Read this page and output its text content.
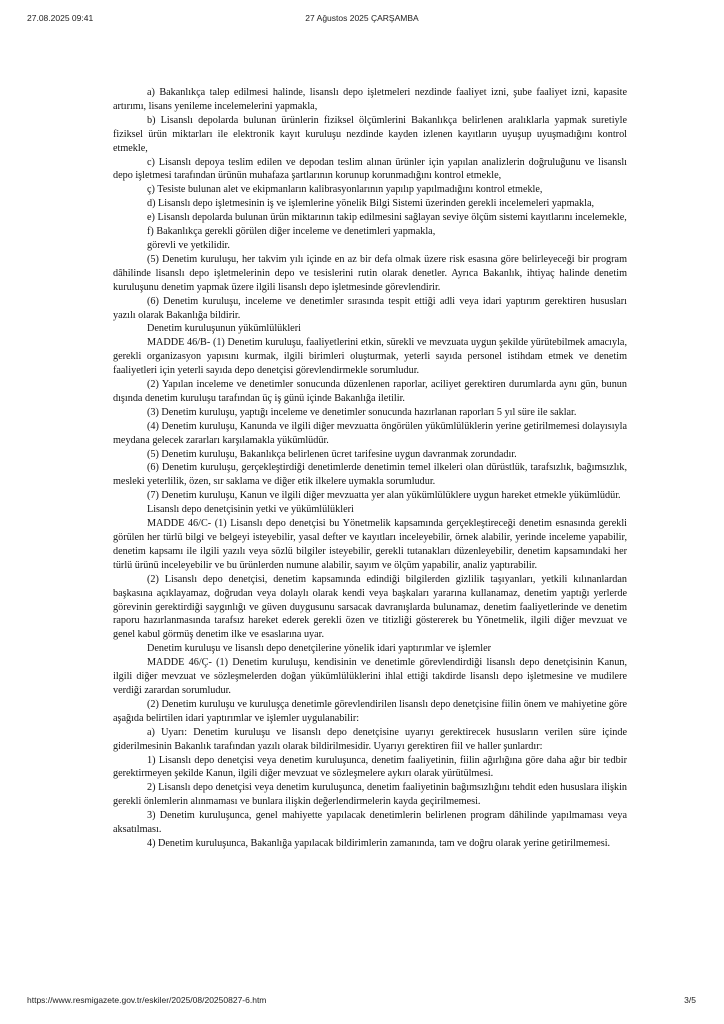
27.08.2025 09:41	27 Ağustos 2025 ÇARŞAMBA

a) Bakanlıkça talep edilmesi halinde, lisanslı depo işletmeleri nezdinde faaliyet izni, şube faaliyet izni, kapasite artırımı, lisans yenileme incelemelerini yapmakla,

b) Lisanslı depolarda bulunan ürünlerin fiziksel ölçümlerini Bakanlıkça belirlenen aralıklarla yapmak suretiyle fiziksel ürün miktarları ile elektronik kayıt kuruluşu nezdinde kayden izlenen kayıtların uyuşup uyuşmadığını kontrol etmekle,

c) Lisanslı depoya teslim edilen ve depodan teslim alınan ürünler için yapılan analizlerin doğruluğunu ve lisanslı depo işletmesi tarafından ürünün muhafaza şartlarının korunup korunmadığını kontrol etmekle,

ç) Tesiste bulunan alet ve ekipmanların kalibrasyonlarının yapılıp yapılmadığını kontrol etmekle,

d) Lisanslı depo işletmesinin iş ve işlemlerine yönelik Bilgi Sistemi üzerinden gerekli incelemeleri yapmakla,

e) Lisanslı depolarda bulunan ürün miktarının takip edilmesini sağlayan seviye ölçüm sistemi kayıtlarını incelemekle,

f) Bakanlıkça gerekli görülen diğer inceleme ve denetimleri yapmakla,

görevli ve yetkilidir.

(5) Denetim kuruluşu, her takvim yılı içinde en az bir defa olmak üzere risk esasına göre belirleyeceği bir program dâhilinde lisanslı depo işletmelerinin depo ve tesislerini rutin olarak denetler. Ayrıca Bakanlık, ihtiyaç halinde denetim kuruluşunu denetim yapmak üzere ilgili lisanslı depo işletmesinde görevlendirir.

(6) Denetim kuruluşu, inceleme ve denetimler sırasında tespit ettiği adli veya idari yaptırım gerektiren hususları yazılı olarak Bakanlığa bildirir.

Denetim kuruluşunun yükümlülükleri

MADDE 46/B- (1) Denetim kuruluşu, faaliyetlerini etkin, sürekli ve mevzuata uygun şekilde yürütebilmek amacıyla, gerekli organizasyon yapısını kurmak, ilgili birimleri oluşturmak, yeterli sayıda personel istihdam etmek ve denetim faaliyetleri için yeterli sayıda depo denetçisi görevlendirmekle sorumludur.

(2) Yapılan inceleme ve denetimler sonucunda düzenlenen raporlar, aciliyet gerektiren durumlarda aynı gün, bunun dışında denetim kuruluşu tarafından üç iş günü içinde Bakanlığa iletilir.

(3) Denetim kuruluşu, yaptığı inceleme ve denetimler sonucunda hazırlanan raporları 5 yıl süre ile saklar.

(4) Denetim kuruluşu, Kanunda ve ilgili diğer mevzuatta öngörülen yükümlülüklerin yerine getirilmemesi dolayısıyla meydana gelecek zararları karşılamakla yükümlüdür.

(5) Denetim kuruluşu, Bakanlıkça belirlenen ücret tarifesine uygun davranmak zorundadır.

(6) Denetim kuruluşu, gerçekleştirdiği denetimlerde denetimin temel ilkeleri olan dürüstlük, tarafsızlık, bağımsızlık, mesleki yeterlilik, özen, sır saklama ve diğer etik ilkelere uymakla sorumludur.

(7) Denetim kuruluşu, Kanun ve ilgili diğer mevzuatta yer alan yükümlülüklere uygun hareket etmekle yükümlüdür.

Lisanslı depo denetçisinin yetki ve yükümlülükleri

MADDE 46/C- (1) Lisanslı depo denetçisi bu Yönetmelik kapsamında gerçekleştireceği denetim esnasında gerekli görülen her türlü bilgi ve belgeyi isteyebilir, yasal defter ve kayıtları inceleyebilir, örnek alabilir, yerinde inceleme yapabilir, denetim kapsamı ile ilgili yazılı veya sözlü bilgiler isteyebilir, gerekli tutanakları düzenleyebilir, denetim kapsamındaki her türlü ürünü inceleyebilir ve bu ürünlerden numune alabilir, sayım ve ölçüm yapabilir, analiz yaptırabilir.

(2) Lisanslı depo denetçisi, denetim kapsamında edindiği bilgilerden gizlilik taşıyanları, yetkili kılınanlardan başkasına açıklayamaz, doğrudan veya dolaylı olarak kendi veya başkaları yararına kullanamaz, denetim yaptığı yerlerde görevinin gerektirdiği saygınlığı ve güven duygusunu sarsacak davranışlarda bulunamaz, denetim faaliyetlerinde ve denetim raporu hazırlanmasında tarafsız hareket ederek gerekli özen ve titizliği göstererek bu Yönetmelik, ilgili diğer mevzuat ve genel kabul görmüş denetim ilke ve esaslarına uyar.

Denetim kuruluşu ve lisanslı depo denetçilerine yönelik idari yaptırımlar ve işlemler

MADDE 46/Ç- (1) Denetim kuruluşu, kendisinin ve denetimle görevlendirdiği lisanslı depo denetçisinin Kanun, ilgili diğer mevzuat ve sözleşmelerden doğan yükümlülüklerini ihlal ettiği takdirde lisanslı depo işletmesine ve mudilere verdiği zarardan sorumludur.

(2) Denetim kuruluşu ve kuruluşça denetimle görevlendirilen lisanslı depo denetçisine fiilin önem ve mahiyetine göre aşağıda belirtilen idari yaptırımlar ve işlemler uygulanabilir:

a) Uyarı: Denetim kuruluşu ve lisanslı depo denetçisine uyarıyı gerektirecek hususların verilen süre içinde giderilmesinin Bakanlık tarafından yazılı olarak bildirilmesidir. Uyarıyı gerektiren fiil ve haller şunlardır:

1) Lisanslı depo denetçisi veya denetim kuruluşunca, denetim faaliyetinin, fiilin ağırlığına göre daha ağır bir tedbir gerektirmeyen şekilde Kanun, ilgili diğer mevzuat ve sözleşmelere aykırı olarak yürütülmesi.

2) Lisanslı depo denetçisi veya denetim kuruluşunca, denetim faaliyetinin bağımsızlığını tehdit eden hususlara ilişkin gerekli önlemlerin alınmaması ve bunlara ilişkin değerlendirmelerin kayda geçirilmemesi.

3) Denetim kuruluşunca, genel mahiyette yapılacak denetimlerin belirlenen program dâhilinde yapılmaması veya aksatılması.

4) Denetim kuruluşunca, Bakanlığa yapılacak bildirimlerin zamanında, tam ve doğru olarak yerine getirilmemesi.

https://www.resmigazete.gov.tr/eskiler/2025/08/20250827-6.htm	3/5
